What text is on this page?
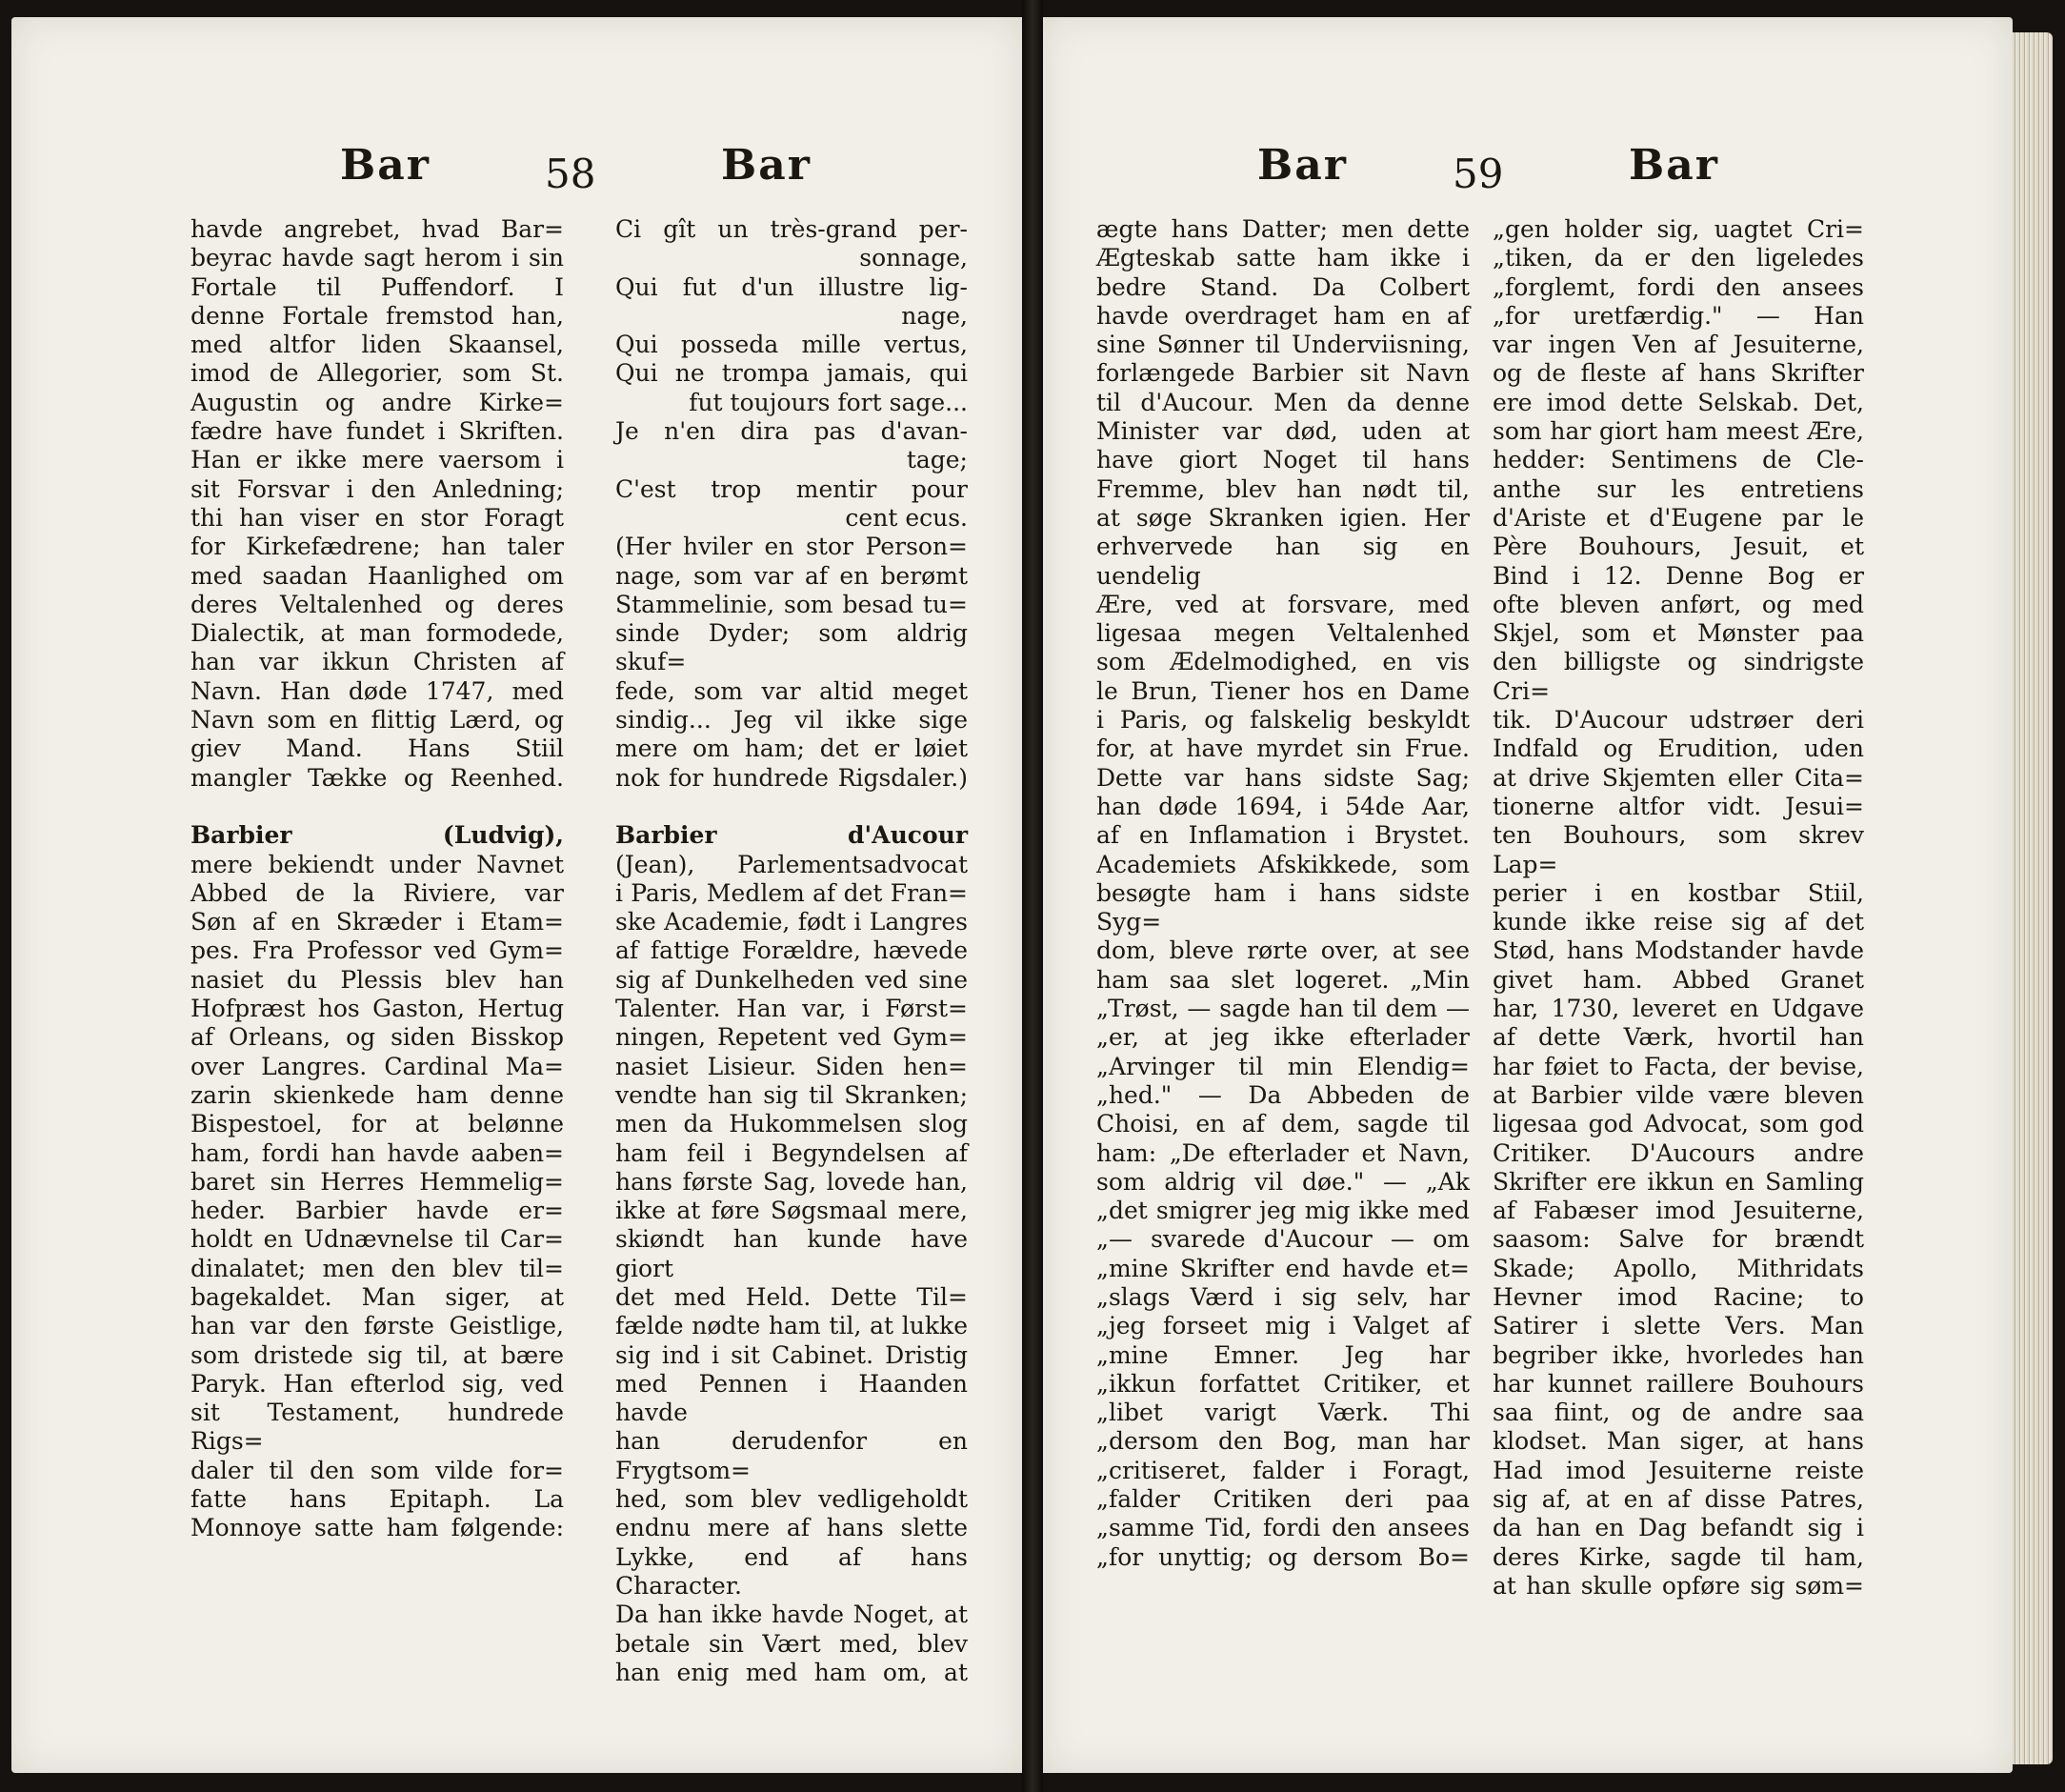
Bar	58	Bar
havde angrebet, hvad Bar=
beyrac havde sagt herom i sin
Fortale til Puffendorf. I
denne Fortale fremstod han,
med altfor liden Skaansel,
imod de Allegorier, som St.
Augustin og andre Kirke=
fædre have fundet i Skriften.
Han er ikke mere vaersom i
sit Forsvar i den Anledning;
thi han viser en stor Foragt
for Kirkefædrene; han taler
med saadan Haanlighed om
deres Veltalenhed og deres
Dialectik, at man formodede,
han var ikkun Christen af
Navn. Han døde 1747, med
Navn som en flittig Lærd, og
giev Mand. Hans Stiil
mangler Tække og Reenhed.

Barbier (Ludvig),
mere bekiendt under Navnet
Abbed de la Riviere, var
Søn af en Skræder i Etam=
pes. Fra Professor ved Gym=
nasiet du Plessis blev han
Hofpræst hos Gaston, Hertug
af Orleans, og siden Bisskop
over Langres. Cardinal Ma=
zarin skienkede ham denne
Bispestoel, for at belønne
ham, fordi han havde aaben=
baret sin Herres Hemmelig=
heder. Barbier havde er=
holdt en Udnævnelse til Car=
dinalatet; men den blev til=
bagekaldet. Man siger, at
han var den første Geistlige,
som dristede sig til, at bære
Paryk. Han efterlod sig, ved
sit Testament, hundrede Rigs=
daler til den som vilde for=
fatte hans Epitaph. La
Monnoye satte ham følgende:
Ci gît un très-grand per-
sonnage,
Qui fut d'un illustre lig-
nage,
Qui posseda mille vertus,
Qui ne trompa jamais, qui
fut toujours fort sage...
Je n'en dira pas d'avan-
tage;
C'est trop mentir pour
cent ecus.
(Her hviler en stor Person=
nage, som var af en berømt
Stammelinie, som besad tu=
sinde Dyder; som aldrig skuf=
fede, som var altid meget
sindig... Jeg vil ikke sige
mere om ham; det er løiet
nok for hundrede Rigsdaler.)

Barbier d'Aucour
(Jean), Parlementsadvocat
i Paris, Medlem af det Fran=
ske Academie, født i Langres
af fattige Forældre, hævede
sig af Dunkelheden ved sine
Talenter. Han var, i Først=
ningen, Repetent ved Gym=
nasiet Lisieur. Siden hen=
vendte han sig til Skranken;
men da Hukommelsen slog
ham feil i Begyndelsen af
hans første Sag, lovede han,
ikke at føre Søgsmaal mere,
skiøndt han kunde have giort
det med Held. Dette Til=
fælde nødte ham til, at lukke
sig ind i sit Cabinet. Dristig
med Pennen i Haanden havde
han derudenfor en Frygtsom=
hed, som blev vedligeholdt
endnu mere af hans slette
Lykke, end af hans Character.
Da han ikke havde Noget, at
betale sin Vært med, blev
han enig med ham om, at
Bar	59	Bar
ægte hans Datter; men dette
Ægteskab satte ham ikke i
bedre Stand. Da Colbert
havde overdraget ham en af
sine Sønner til Underviisning,
forlængede Barbier sit Navn
til d'Aucour. Men da denne
Minister var død, uden at
have giort Noget til hans
Fremme, blev han nødt til,
at søge Skranken igien. Her
erhvervede han sig en uendelig
Ære, ved at forsvare, med
ligesaa megen Veltalenhed
som Ædelmodighed, en vis
le Brun, Tiener hos en Dame
i Paris, og falskelig beskyldt
for, at have myrdet sin Frue.
Dette var hans sidste Sag;
han døde 1694, i 54de Aar,
af en Inflamation i Brystet.
Academiets Afskikkede, som
besøgte ham i hans sidste Syg=
dom, bleve rørte over, at see
ham saa slet logeret. „Min
„Trøst, — sagde han til dem —
„er, at jeg ikke efterlader
„Arvinger til min Elendig=
„hed." — Da Abbeden de
Choisi, en af dem, sagde til
ham: „De efterlader et Navn,
som aldrig vil døe." — „Ak
„det smigrer jeg mig ikke med
„— svarede d'Aucour — om
„mine Skrifter end havde et=
„slags Værd i sig selv, har
„jeg forseet mig i Valget af
„mine Emner. Jeg har
„ikkun forfattet Critiker, et
„libet varigt Værk. Thi
„dersom den Bog, man har
„critiseret, falder i Foragt,
„falder Critiken deri paa
„samme Tid, fordi den ansees
„for unyttig; og dersom Bo=
„gen holder sig, uagtet Cri=
„tiken, da er den ligeledes
„forglemt, fordi den ansees
„for uretfærdig." — Han
var ingen Ven af Jesuiterne,
og de fleste af hans Skrifter
ere imod dette Selskab. Det,
som har giort ham meest Ære,
hedder: Sentimens de Cle-
anthe sur les entretiens
d'Ariste et d'Eugene par le
Père Bouhours, Jesuit, et
Bind i 12. Denne Bog er
ofte bleven anført, og med
Skjel, som et Mønster paa
den billigste og sindrigste Cri=
tik. D'Aucour udstrøer deri
Indfald og Erudition, uden
at drive Skjemten eller Cita=
tionerne altfor vidt. Jesui=
ten Bouhours, som skrev Lap=
perier i en kostbar Stiil,
kunde ikke reise sig af det
Stød, hans Modstander havde
givet ham. Abbed Granet
har, 1730, leveret en Udgave
af dette Værk, hvortil han
har føiet to Facta, der bevise,
at Barbier vilde være bleven
ligesaa god Advocat, som god
Critiker. D'Aucours andre
Skrifter ere ikkun en Samling
af Fabæser imod Jesuiterne,
saasom: Salve for brændt
Skade; Apollo, Mithridats
Hevner imod Racine; to
Satirer i slette Vers. Man
begriber ikke, hvorledes han
har kunnet raillere Bouhours
saa fiint, og de andre saa
klodset. Man siger, at hans
Had imod Jesuiterne reiste
sig af, at en af disse Patres,
da han en Dag befandt sig i
deres Kirke, sagde til ham,
at han skulle opføre sig søm=
